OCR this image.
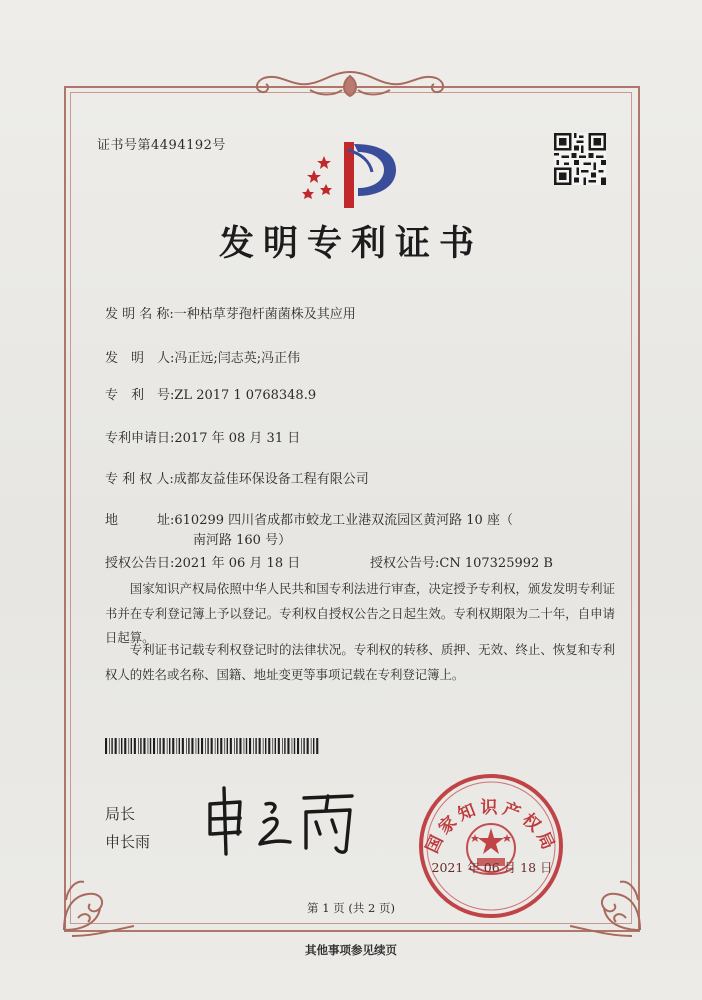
证书号第4494192号
发明专利证书
发 明 名 称:一种枯草芽孢杆菌菌株及其应用
发　明　人:冯正远;闫志英;冯正伟
专　利　号:ZL 2017 1 0768348.9
专利申请日:2017 年 08 月 31 日
专 利 权 人:成都友益佳环保设备工程有限公司
地　　　址:610299 四川省成都市蛟龙工业港双流园区黄河路 10 座（
南河路 160 号）
授权公告日:2021 年 06 月 18 日	授权公告号:CN 107325992 B
国家知识产权局依照中华人民共和国专利法进行审查，决定授予专利权，颁发发明专利证书并在专利登记簿上予以登记。专利权自授权公告之日起生效。专利权期限为二十年，自申请日起算。
专利证书记载专利权登记时的法律状况。专利权的转移、质押、无效、终止、恢复和专利权人的姓名或名称、国籍、地址变更等事项记载在专利登记簿上。
局长
申长雨	国家知识产权局
2021 年 06 月 18 日
第 1 页 (共 2 页)
其他事项参见续页
